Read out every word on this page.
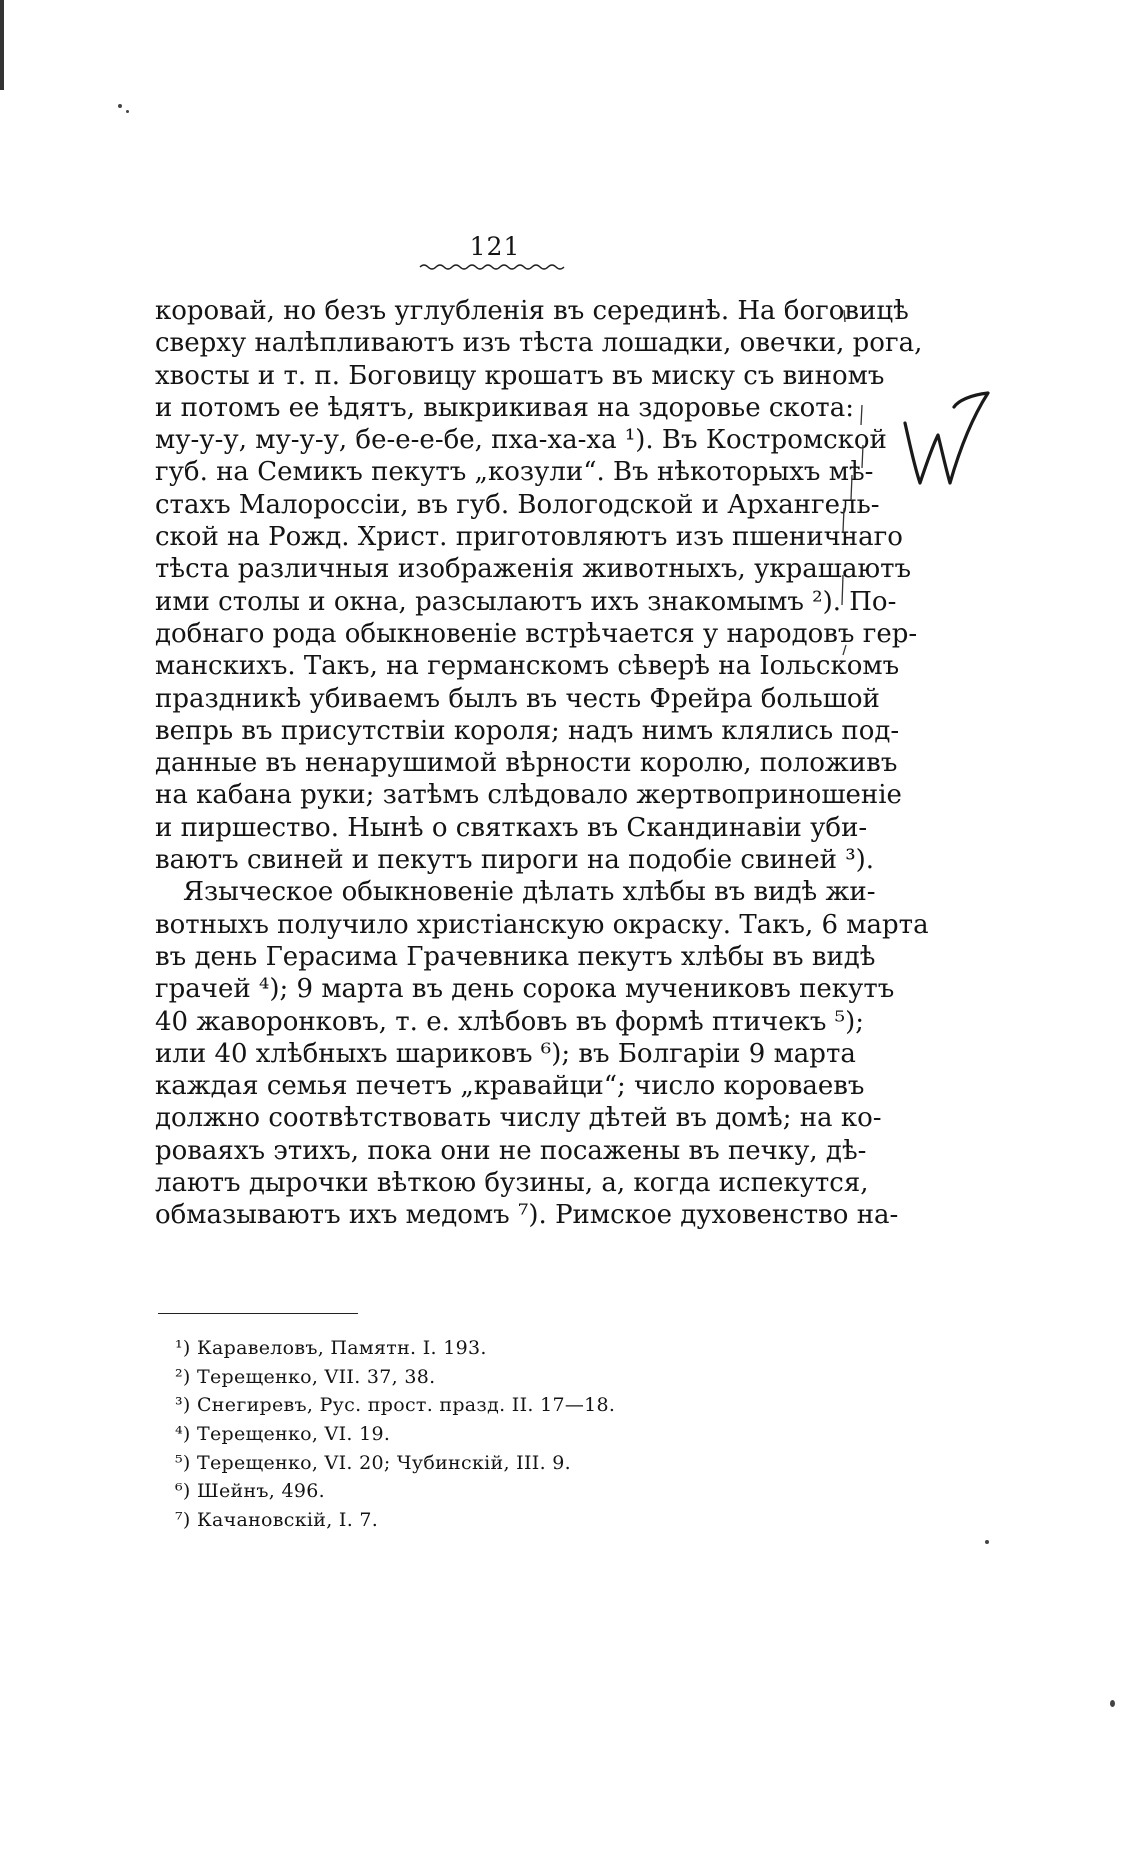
121
коровай, но безъ углубленія въ серединѣ. На боговицѣ
сверху налѣпливаютъ изъ тѣста лошадки, овечки, рога,
хвосты и т. п. Боговицу крошатъ въ миску съ виномъ
и потомъ ее ѣдятъ, выкрикивая на здоровье скота:
му-у-у, му-у-у, бе-е-е-бе, пха-ха-ха ¹). Въ Костромской
губ. на Семикъ пекутъ „козули“. Въ нѣкоторыхъ мѣ-
стахъ Малороссіи, въ губ. Вологодской и Архангель-
ской на Рожд. Христ. приготовляютъ изъ пшеничнаго
тѣста различныя изображенія животныхъ, украшаютъ
ими столы и окна, разсылаютъ ихъ знакомымъ ²). По-
добнаго рода обыкновеніе встрѣчается у народовъ гер-
манскихъ. Такъ, на германскомъ сѣверѣ на Іольскомъ
праздникѣ убиваемъ былъ въ честь Фрейра большой
вепрь въ присутствіи короля; надъ нимъ клялись под-
данные въ ненарушимой вѣрности королю, положивъ
на кабана руки; затѣмъ слѣдовало жертвоприношеніе
и пиршество. Нынѣ о святкахъ въ Скандинавіи уби-
ваютъ свиней и пекутъ пироги на подобіе свиней ³).
Языческое обыкновеніе дѣлать хлѣбы въ видѣ жи-
вотныхъ получило христіанскую окраску. Такъ, 6 марта
въ день Герасима Грачевника пекутъ хлѣбы въ видѣ
грачей ⁴); 9 марта въ день сорока мучениковъ пекутъ
40 жаворонковъ, т. е. хлѣбовъ въ формѣ птичекъ ⁵);
или 40 хлѣбныхъ шариковъ ⁶); въ Болгаріи 9 марта
каждая семья печетъ „кравайци“; число короваевъ
должно соотвѣтствовать числу дѣтей въ домѣ; на ко-
роваяхъ этихъ, пока они не посажены въ печку, дѣ-
лаютъ дырочки вѣткою бузины, а, когда испекутся,
обмазываютъ ихъ медомъ ⁷). Римское духовенство на-
¹) Каравеловъ, Памятн. I. 193.
²) Терещенко, VII. 37, 38.
³) Снегиревъ, Рус. прост. празд. II. 17—18.
⁴) Терещенко, VI. 19.
⁵) Терещенко, VI. 20; Чубинскій, III. 9.
⁶) Шейнъ, 496.
⁷) Качановскій, I. 7.
